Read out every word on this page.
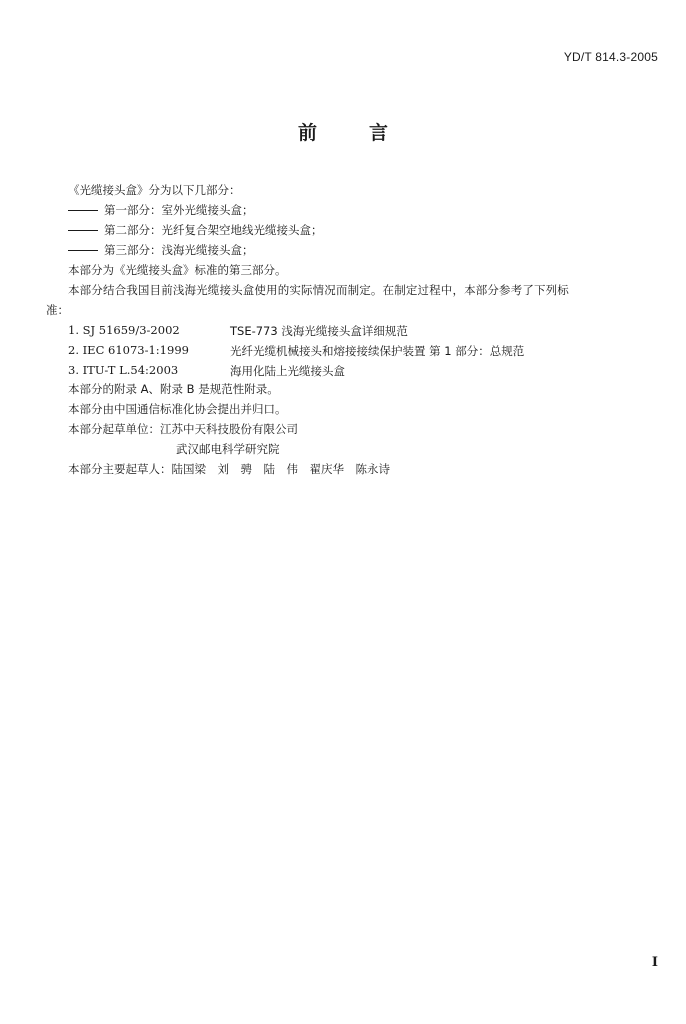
YD/T 814.3-2005
前	言
《光缆接头盒》分为以下几部分：
第一部分：室外光缆接头盒；
第二部分：光纤复合架空地线光缆接头盒；
第三部分：浅海光缆接头盒；
本部分为《光缆接头盒》标准的第三部分。
本部分结合我国目前浅海光缆接头盒使用的实际情况而制定。在制定过程中，本部分参考了下列标
准：
1. SJ 51659/3-2002	TSE-773 浅海光缆接头盒详细规范
2. IEC 61073-1:1999	光纤光缆机械接头和熔接接续保护装置 第 1 部分：总规范
3. ITU-T L.54:2003	海用化陆上光缆接头盒
本部分的附录 A、附录 B 是规范性附录。
本部分由中国通信标准化协会提出并归口。
本部分起草单位：江苏中天科技股份有限公司
武汉邮电科学研究院
本部分主要起草人：陆国梁　刘　骋　陆　伟　翟庆华　陈永诗
I
